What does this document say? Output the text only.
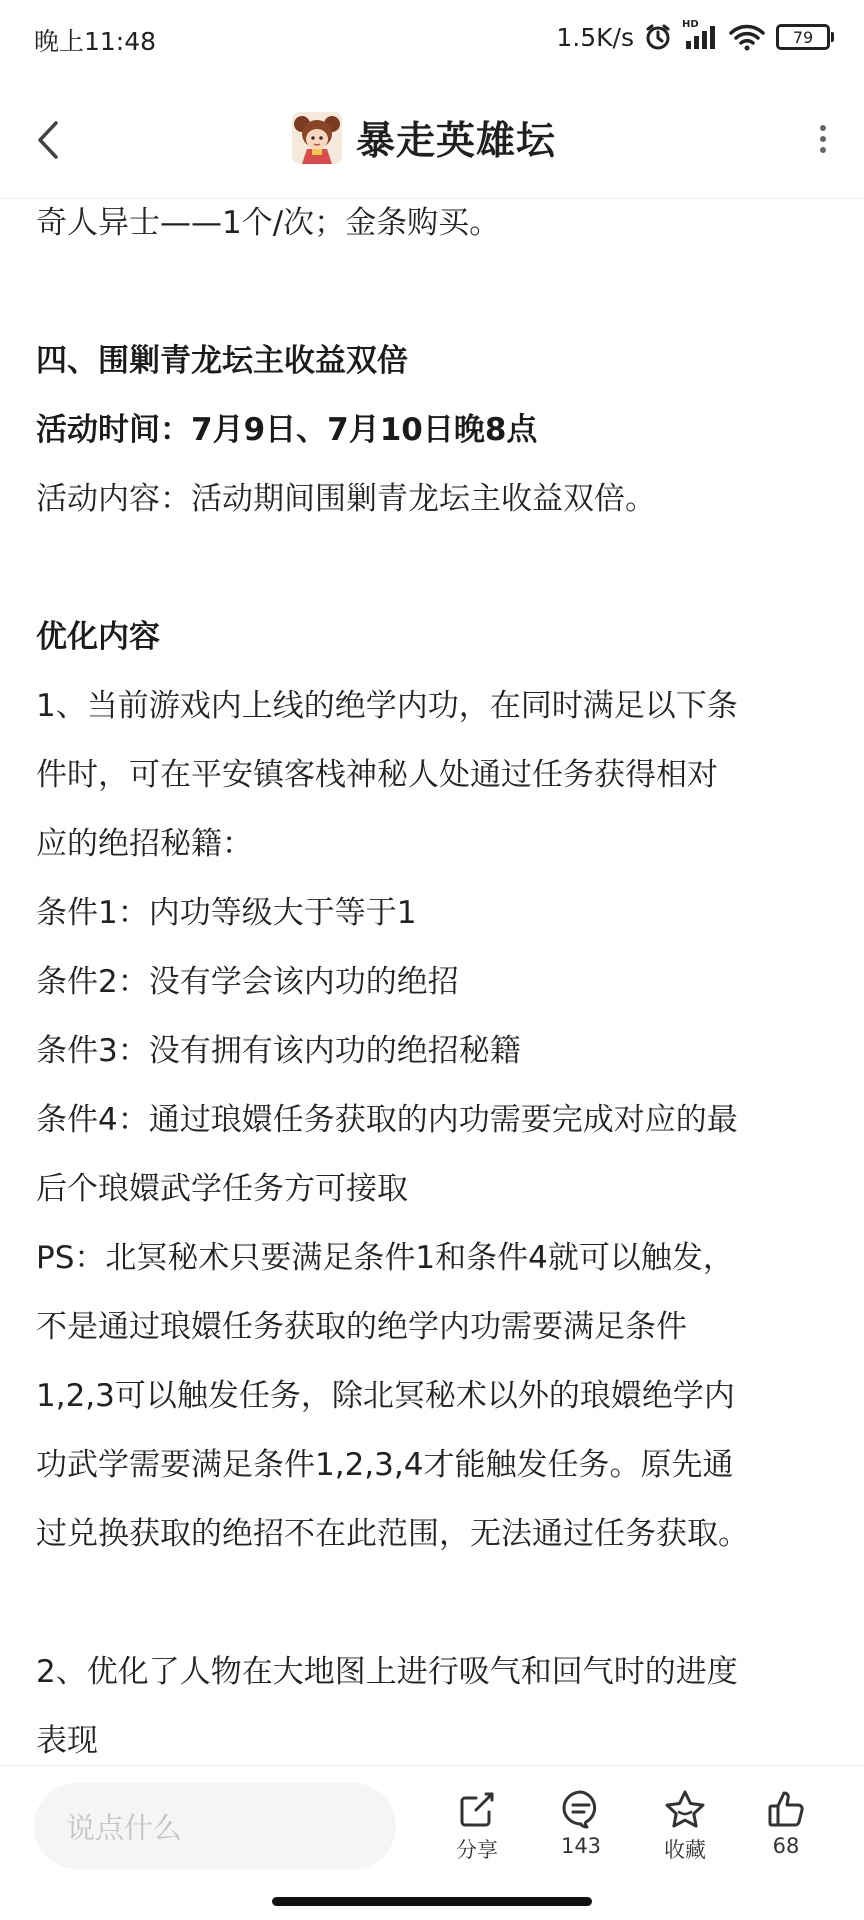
晚上11:48	1.5K/s	HD
79
暴走英雄坛
奇人异士——1个/次；金条购买。
四、围剿青龙坛主收益双倍
活动时间：7月9日、7月10日晚8点
活动内容：活动期间围剿青龙坛主收益双倍。
优化内容
1、当前游戏内上线的绝学内功，在同时满足以下条
件时，可在平安镇客栈神秘人处通过任务获得相对
应的绝招秘籍：
条件1：内功等级大于等于1
条件2：没有学会该内功的绝招
条件3：没有拥有该内功的绝招秘籍
条件4：通过琅嬛任务获取的内功需要完成对应的最
后个琅嬛武学任务方可接取
PS：北冥秘术只要满足条件1和条件4就可以触发，
不是通过琅嬛任务获取的绝学内功需要满足条件
1,2,3可以触发任务，除北冥秘术以外的琅嬛绝学内
功武学需要满足条件1,2,3,4才能触发任务。原先通
过兑换获取的绝招不在此范围，无法通过任务获取。
2、优化了人物在大地图上进行吸气和回气时的进度
表现
说点什么
分享	143	收藏	68
